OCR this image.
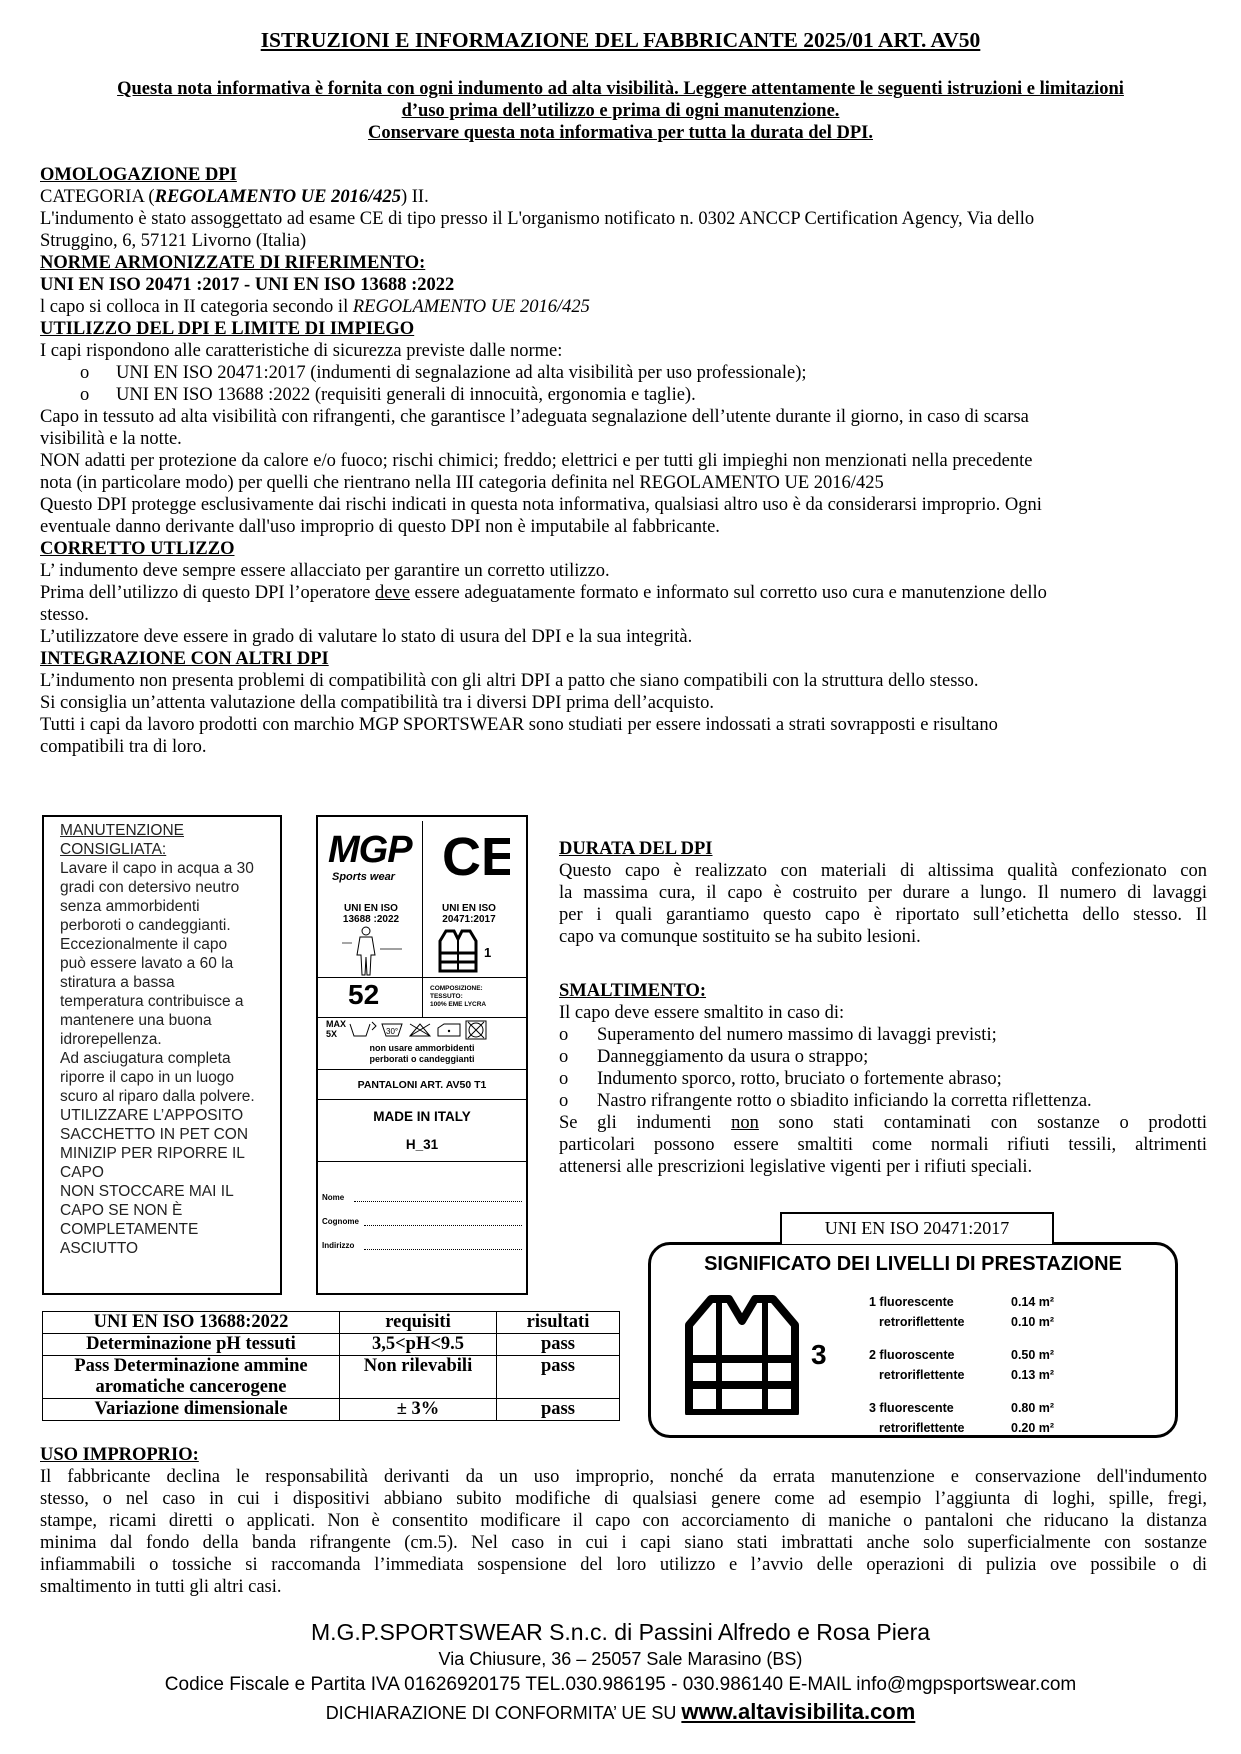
ISTRUZIONI E INFORMAZIONE DEL FABBRICANTE 2025/01 ART. AV50
Questa nota informativa è fornita con ogni indumento ad alta visibilità. Leggere attentamente le seguenti istruzioni e limitazioni
d’uso prima dell’utilizzo e prima di ogni manutenzione.
Conservare questa nota informativa per tutta la durata del DPI.
OMOLOGAZIONE DPI
CATEGORIA (REGOLAMENTO UE 2016/425) II.
L'indumento è stato assoggettato ad esame CE di tipo presso il L'organismo notificato n. 0302 ANCCP Certification Agency, Via dello
Struggino, 6, 57121 Livorno (Italia)
NORME ARMONIZZATE DI RIFERIMENTO:
UNI EN ISO 20471 :2017 - UNI EN ISO 13688 :2022
l capo si colloca in II categoria secondo il REGOLAMENTO UE 2016/425
UTILIZZO DEL DPI E LIMITE DI IMPIEGO
I capi rispondono alle caratteristiche di sicurezza previste dalle norme:
o UNI EN ISO 20471:2017 (indumenti di segnalazione ad alta visibilità per uso professionale);
o UNI EN ISO 13688 :2022 (requisiti generali di innocuità, ergonomia e taglie).
Capo in tessuto ad alta visibilità con rifrangenti, che garantisce l’adeguata segnalazione dell’utente durante il giorno, in caso di scarsa
visibilità e la notte.
NON adatti per protezione da calore e/o fuoco; rischi chimici; freddo; elettrici e per tutti gli impieghi non menzionati nella precedente
nota (in particolare modo) per quelli che rientrano nella III categoria definita nel REGOLAMENTO UE 2016/425
Questo DPI protegge esclusivamente dai rischi indicati in questa nota informativa, qualsiasi altro uso è da considerarsi improprio. Ogni
eventuale danno derivante dall'uso improprio di questo DPI non è imputabile al fabbricante.
CORRETTO UTLIZZO
L’ indumento deve sempre essere allacciato per garantire un corretto utilizzo.
Prima dell’utilizzo di questo DPI l’operatore deve essere adeguatamente formato e informato sul corretto uso cura e manutenzione dello
stesso.
L’utilizzatore deve essere in grado di valutare lo stato di usura del DPI e la sua integrità.
INTEGRAZIONE CON ALTRI DPI
L’indumento non presenta problemi di compatibilità con gli altri DPI a patto che siano compatibili con la struttura dello stesso.
Si consiglia un’attenta valutazione della compatibilità tra i diversi DPI prima dell’acquisto.
Tutti i capi da lavoro prodotti con marchio MGP SPORTSWEAR sono studiati per essere indossati a strati sovrapposti e risultano
compatibili tra di loro.
MANUTENZIONE
CONSIGLIATA:
Lavare il capo in acqua a 30
gradi con detersivo neutro
senza ammorbidenti
perboroti o candeggianti.
Eccezionalmente il capo
può essere lavato a 60 la
stiratura a bassa
temperatura contribuisce a
mantenere una buona
idrorepellenza.
Ad asciugatura completa
riporre il capo in un luogo
scuro al riparo dalla polvere.
UTILIZZARE L’APPOSITO
SACCHETTO IN PET CON
MINIZIP PER RIPORRE IL
CAPO
NON STOCCARE MAI IL
CAPO SE NON È
COMPLETAMENTE
ASCIUTTO
MGP
Sports wear CE
UNI EN ISO
13688 :2022
UNI EN ISO
20471:2017
1
52	COMPOSIZIONE:
TESSUTO:
100% EME LYCRA
MAX
5X	30°
non usare ammorbidenti
perborati o candeggianti
PANTALONI ART. AV50 T1
MADE IN ITALY
H_31
Nome
Cognome
Indirizzo
DURATA DEL DPI
Questo capo è realizzato con materiali di altissima qualità confezionato con
la massima cura, il capo è costruito per durare a lungo. Il numero di lavaggi
per i quali garantiamo questo capo è riportato sull’etichetta dello stesso. Il
capo va comunque sostituito se ha subito lesioni.
SMALTIMENTO:
Il capo deve essere smaltito in caso di:
o Superamento del numero massimo di lavaggi previsti;
o Danneggiamento da usura o strappo;
o Indumento sporco, rotto, bruciato o fortemente abraso;
o Nastro rifrangente rotto o sbiadito inficiando la corretta riflettenza.
Se gli indumenti non sono stati contaminati con sostanze o prodotti
particolari possono essere smaltiti come normali rifiuti tessili, altrimenti
attenersi alle prescrizioni legislative vigenti per i rifiuti speciali.
UNI EN ISO 20471:2017
SIGNIFICATO DEI LIVELLI DI PRESTAZIONE
3
1 fluorescente	0.14 m²
retroriflettente	0.10 m²
2 fluoroscente	0.50 m²
retroriflettente	0.13 m²
3 fluorescente	0.80 m²
retroriflettente	0.20 m²
UNI EN ISO 13688:2022	requisiti	risultati
Determinazione pH tessuti	3,5<pH<9.5	pass

Pass Determinazione ammine
aromatiche cancerogene	Non rilevabili	pass
Variazione dimensionale	± 3%	pass
USO IMPROPRIO:
Il fabbricante declina le responsabilità derivanti da un uso improprio, nonché da errata manutenzione e conservazione dell'indumento
stesso, o nel caso in cui i dispositivi abbiano subito modifiche di qualsiasi genere come ad esempio l’aggiunta di loghi, spille, fregi,
stampe, ricami diretti o applicati. Non è consentito modificare il capo con accorciamento di maniche o pantaloni che riducano la distanza
minima dal fondo della banda rifrangente (cm.5). Nel caso in cui i capi siano stati imbrattati anche solo superficialmente con sostanze
infiammabili o tossiche si raccomanda l’immediata sospensione del loro utilizzo e l’avvio delle operazioni di pulizia ove possibile o di
smaltimento in tutti gli altri casi.
M.G.P.SPORTSWEAR S.n.c. di Passini Alfredo e Rosa Piera
Via Chiusure, 36 – 25057 Sale Marasino (BS)
Codice Fiscale e Partita IVA 01626920175 TEL.030.986195 - 030.986140 E-MAIL info@mgpsportswear.com
DICHIARAZIONE DI CONFORMITA’ UE SU www.altavisibilita.com
